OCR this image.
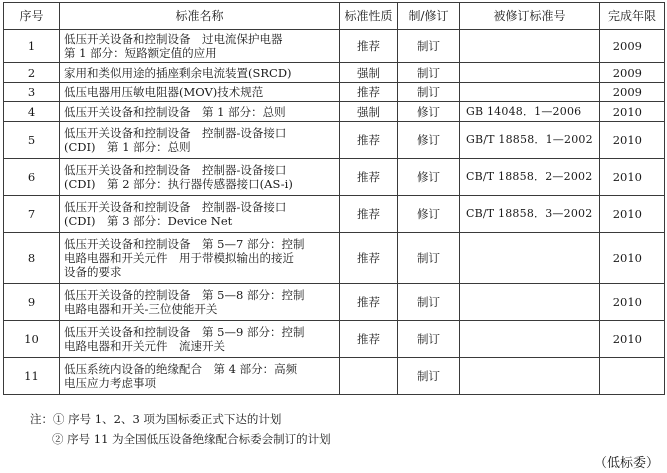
序号	标准名称	标准性质	制/修订	被修订标准号	完成年限
1	低压开关设备和控制设备　过电流保护电器
第 1 部分：短路额定值的应用	推荐	制订		2009
2	家用和类似用途的插座剩余电流装置(SRCD)	强制	制订		2009
3	低压电器用压敏电阻器(MOV)技术规范	推荐	制订		2009
4	低压开关设备和控制设备　第 1 部分：总则	强制	修订	GB 14048．1—2006	2010
5	低压开关设备和控制设备　控制器-设备接口
(CDI)　第 1 部分：总则	推荐	修订	GB/T 18858．1—2002	2010
6	低压开关设备和控制设备　控制器-设备接口
(CDI)　第 2 部分：执行器传感器接口(AS-i)	推荐	修订	CB/T 18858．2—2002	2010
7	低压开关设备和控制设备　控制器-设备接口
(CDI)　第 3 部分：Device Net	推荐	修订	CB/T 18858．3—2002	2010
8	低压开关设备和控制设备　第 5—7 部分：控制
电路电器和开关元件　用于带模拟输出的接近
设备的要求	推荐	制订		2010
9	低压开关设备的控制设备　第 5—8 部分：控制
电路电器和开关-三位使能开关	推荐	制订		2010
10	低压开关设备和控制设备　第 5—9 部分：控制
电路电器和开关元件　流速开关	推荐	制订		2010
11	低压系统内设备的绝缘配合　第 4 部分：高频
电压应力考虑事项		制订		
注：① 序号 1、2、3 项为国标委正式下达的计划
② 序号 11 为全国低压设备绝缘配合标委会制订的计划
（低标委）
